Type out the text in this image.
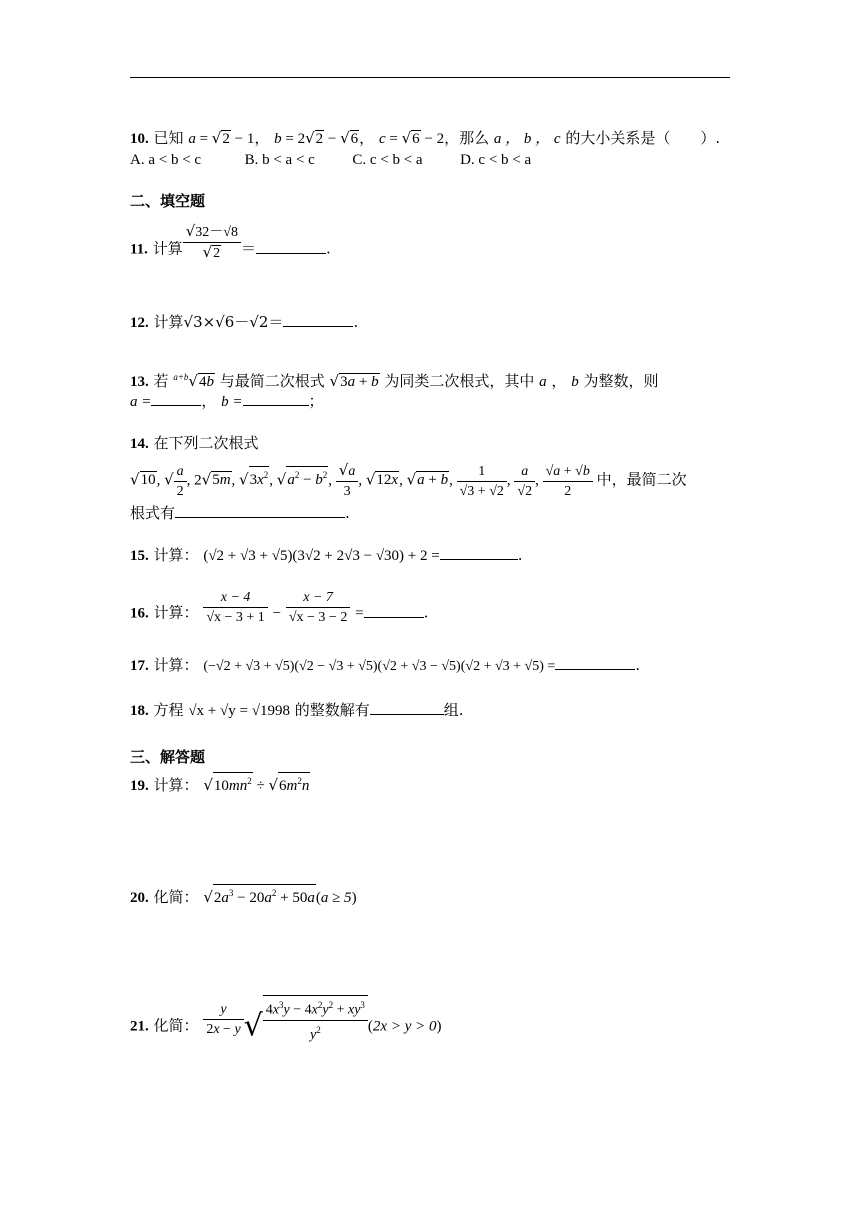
10. 已知 a = √2 − 1， b = 2√2 − √6， c = √6 − 2，那么 a ， b ， c 的大小关系是（　　）.
A. a < b < c	B. b < a < c	C. c < b < a	D. c < b < a
二、填空题
11. 计算 $\frac{√32-√8}{√2}$ ＝	.
12. 计算√3×√6－√2＝	.
13. 若 $^{a+b}$√4b 与最简二次根式 √3a + b 为同类二次根式，其中 a ， b 为整数，则
a =	， b =	；
14. 在下列二次根式
√10, √ $\frac{a}{2}$ , 2√5m, $√3x^2$, $√a^2 - b^2$, $\frac{√a}{3}$ , √12x, √a + b, $\frac{1}{√3 + √2}$ , $\frac{a}{√2}$ , $\frac{√a + √b}{2}$ 中，最简二次
根式有	.
15. 计算： (√2 + √3 + √5)(3√2 + 2√3 − √30) + 2 =	.
16. 计算： $\frac{x - 4}{√x - 3 + 1} - \frac{x - 7}{√x - 3 - 2}$ =	.
17. 计算： (−√2 + √3 + √5)(√2 − √3 + √5)(√2 + √3 − √5)(√2 + √3 + √5) =	.
18. 方程 √x + √y = √1998 的整数解有	组.
三、解答题
19. 计算： $√10mn^2 \div √6m^2n$
20. 化简： $√2a^3 - 20a^2 + 50a(a \ge 5)$
21. 化简： $\frac{y}{2x - y}$ √ $\frac{4x^3y - 4x^2y^2 + xy^3}{y^2} (2x > y > 0)$
